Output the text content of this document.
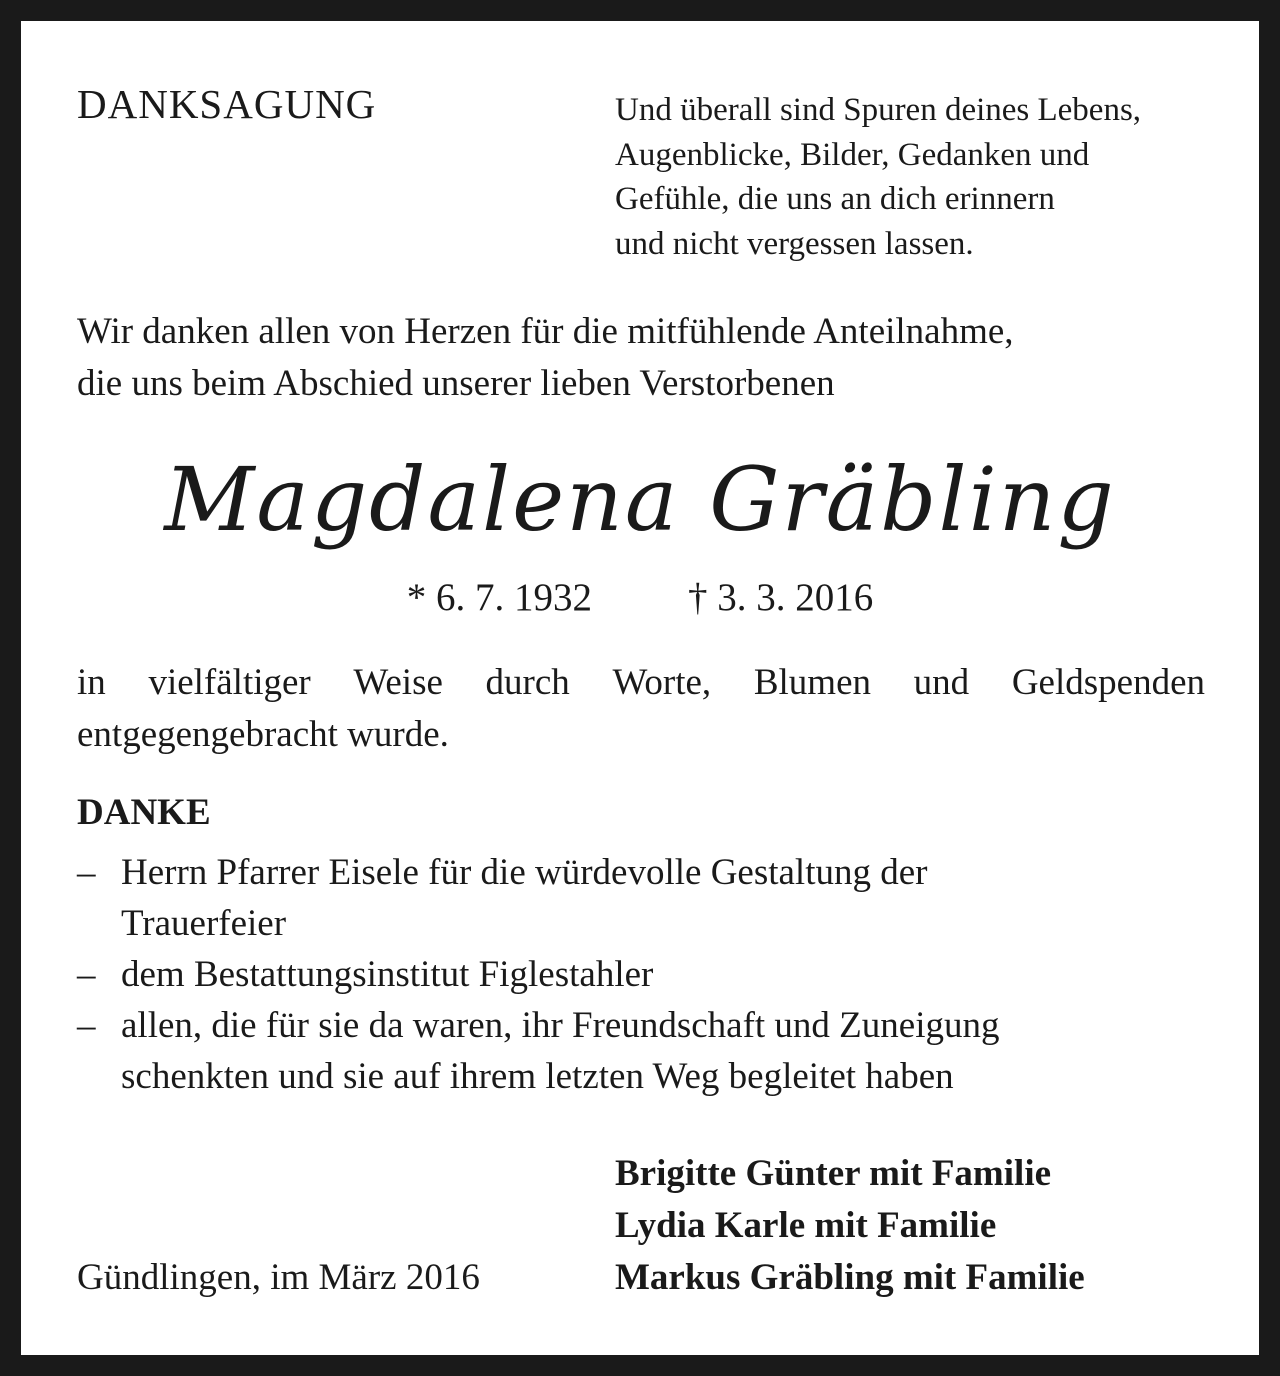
DANKSAGUNG	Und überall sind Spuren deines Lebens,
Augenblicke, Bilder, Gedanken und
Gefühle, die uns an dich erinnern
und nicht vergessen lassen.
Wir danken allen von Herzen für die mitfühlende Anteilnahme,
die uns beim Abschied unserer lieben Verstorbenen
Magdalena Gräbling
* 6. 7. 1932 † 3. 3. 2016
in vielfältiger Weise durch Worte, Blumen und Geldspenden
entgegengebracht wurde.
DANKE
– Herrn Pfarrer Eisele für die würdevolle Gestaltung der
Trauerfeier
– dem Bestattungsinstitut Figlestahler
– allen, die für sie da waren, ihr Freundschaft und Zuneigung
schenkten und sie auf ihrem letzten Weg begleitet haben
Brigitte Günter mit Familie
Lydia Karle mit Familie
Markus Gräbling mit Familie
Gündlingen, im März 2016
